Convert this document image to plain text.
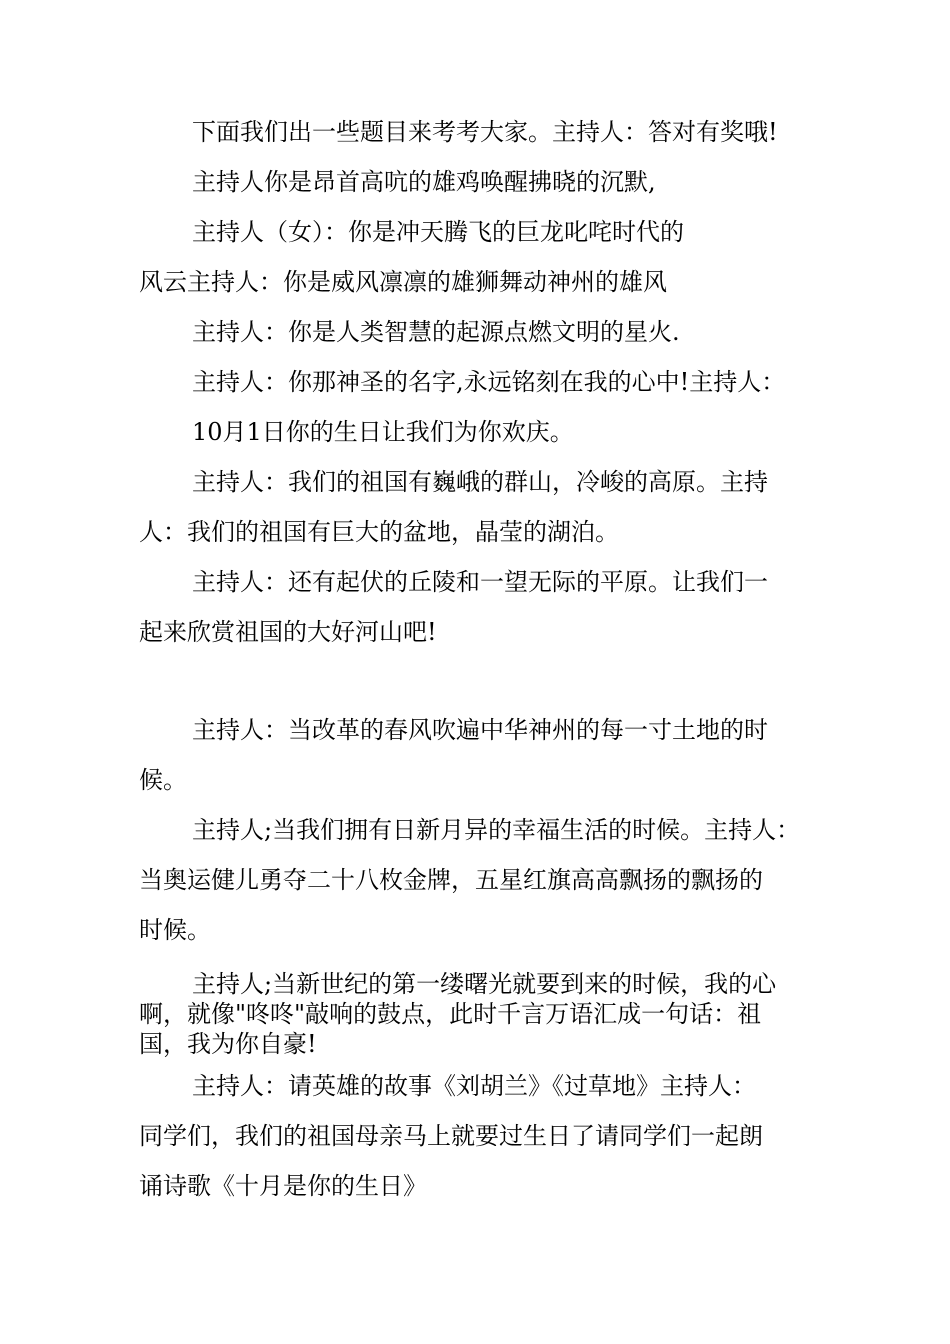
下面我们出一些题目来考考大家。主持人：答对有奖哦!

主持人你是昂首高吭的雄鸡唤醒拂晓的沉默,

主持人（女）：你是冲天腾飞的巨龙叱咤时代的

风云主持人：你是威风凛凛的雄狮舞动神州的雄风

主持人：你是人类智慧的起源点燃文明的星火.

主持人：你那神圣的名字,永远铭刻在我的心中!主持人：

10月1日你的生日让我们为你欢庆。

主持人：我们的祖国有巍峨的群山，冷峻的高原。主持

人：我们的祖国有巨大的盆地，晶莹的湖泊。

主持人：还有起伏的丘陵和一望无际的平原。让我们一

起来欣赏祖国的大好河山吧!

主持人：当改革的春风吹遍中华神州的每一寸土地的时

候。

主持人;当我们拥有日新月异的幸福生活的时候。主持人：

当奥运健儿勇夺二十八枚金牌，五星红旗高高飘扬的飘扬的

时候。

主持人;当新世纪的第一缕曙光就要到来的时候，我的心

啊，就像"咚咚"敲响的鼓点，此时千言万语汇成一句话：祖

国，我为你自豪!

主持人：请英雄的故事《刘胡兰》《过草地》主持人：

同学们，我们的祖国母亲马上就要过生日了请同学们一起朗

诵诗歌《十月是你的生日》
